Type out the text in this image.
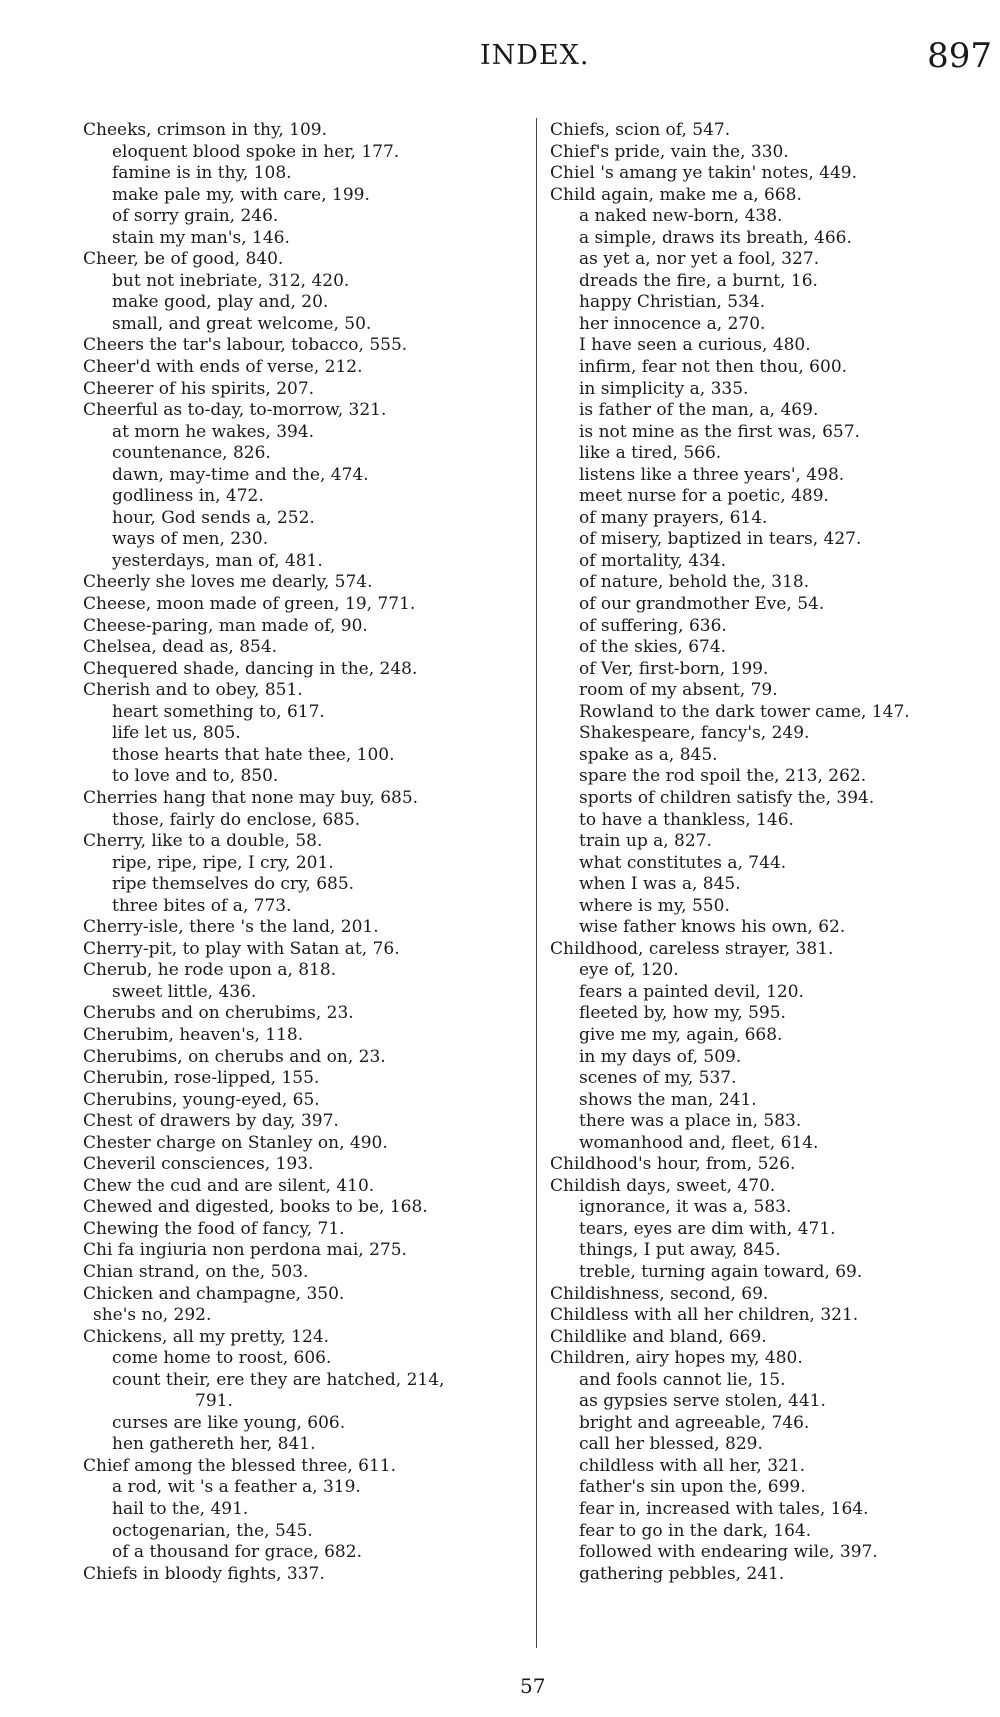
INDEX.	897
Cheeks, crimson in thy, 109.
eloquent blood spoke in her, 177.
famine is in thy, 108.
make pale my, with care, 199.
of sorry grain, 246.
stain my man's, 146.
Cheer, be of good, 840.
but not inebriate, 312, 420.
make good, play and, 20.
small, and great welcome, 50.
Cheers the tar's labour, tobacco, 555.
Cheer'd with ends of verse, 212.
Cheerer of his spirits, 207.
Cheerful as to-day, to-morrow, 321.
at morn he wakes, 394.
countenance, 826.
dawn, may-time and the, 474.
godliness in, 472.
hour, God sends a, 252.
ways of men, 230.
yesterdays, man of, 481.
Cheerly she loves me dearly, 574.
Cheese, moon made of green, 19, 771.
Cheese-paring, man made of, 90.
Chelsea, dead as, 854.
Chequered shade, dancing in the, 248.
Cherish and to obey, 851.
heart something to, 617.
life let us, 805.
those hearts that hate thee, 100.
to love and to, 850.
Cherries hang that none may buy, 685.
those, fairly do enclose, 685.
Cherry, like to a double, 58.
ripe, ripe, ripe, I cry, 201.
ripe themselves do cry, 685.
three bites of a, 773.
Cherry-isle, there 's the land, 201.
Cherry-pit, to play with Satan at, 76.
Cherub, he rode upon a, 818.
sweet little, 436.
Cherubs and on cherubims, 23.
Cherubim, heaven's, 118.
Cherubims, on cherubs and on, 23.
Cherubin, rose-lipped, 155.
Cherubins, young-eyed, 65.
Chest of drawers by day, 397.
Chester charge on Stanley on, 490.
Cheveril consciences, 193.
Chew the cud and are silent, 410.
Chewed and digested, books to be, 168.
Chewing the food of fancy, 71.
Chi fa ingiuria non perdona mai, 275.
Chian strand, on the, 503.
Chicken and champagne, 350.
she's no, 292.
Chickens, all my pretty, 124.
come home to roost, 606.
count their, ere they are hatched, 214,
791.
curses are like young, 606.
hen gathereth her, 841.
Chief among the blessed three, 611.
a rod, wit 's a feather a, 319.
hail to the, 491.
octogenarian, the, 545.
of a thousand for grace, 682.
Chiefs in bloody fights, 337.
Chiefs, scion of, 547.
Chief's pride, vain the, 330.
Chiel 's amang ye takin' notes, 449.
Child again, make me a, 668.
a naked new-born, 438.
a simple, draws its breath, 466.
as yet a, nor yet a fool, 327.
dreads the fire, a burnt, 16.
happy Christian, 534.
her innocence a, 270.
I have seen a curious, 480.
infirm, fear not then thou, 600.
in simplicity a, 335.
is father of the man, a, 469.
is not mine as the first was, 657.
like a tired, 566.
listens like a three years', 498.
meet nurse for a poetic, 489.
of many prayers, 614.
of misery, baptized in tears, 427.
of mortality, 434.
of nature, behold the, 318.
of our grandmother Eve, 54.
of suffering, 636.
of the skies, 674.
of Ver, first-born, 199.
room of my absent, 79.
Rowland to the dark tower came, 147.
Shakespeare, fancy's, 249.
spake as a, 845.
spare the rod spoil the, 213, 262.
sports of children satisfy the, 394.
to have a thankless, 146.
train up a, 827.
what constitutes a, 744.
when I was a, 845.
where is my, 550.
wise father knows his own, 62.
Childhood, careless strayer, 381.
eye of, 120.
fears a painted devil, 120.
fleeted by, how my, 595.
give me my, again, 668.
in my days of, 509.
scenes of my, 537.
shows the man, 241.
there was a place in, 583.
womanhood and, fleet, 614.
Childhood's hour, from, 526.
Childish days, sweet, 470.
ignorance, it was a, 583.
tears, eyes are dim with, 471.
things, I put away, 845.
treble, turning again toward, 69.
Childishness, second, 69.
Childless with all her children, 321.
Childlike and bland, 669.
Children, airy hopes my, 480.
and fools cannot lie, 15.
as gypsies serve stolen, 441.
bright and agreeable, 746.
call her blessed, 829.
childless with all her, 321.
father's sin upon the, 699.
fear in, increased with tales, 164.
fear to go in the dark, 164.
followed with endearing wile, 397.
gathering pebbles, 241.
57
